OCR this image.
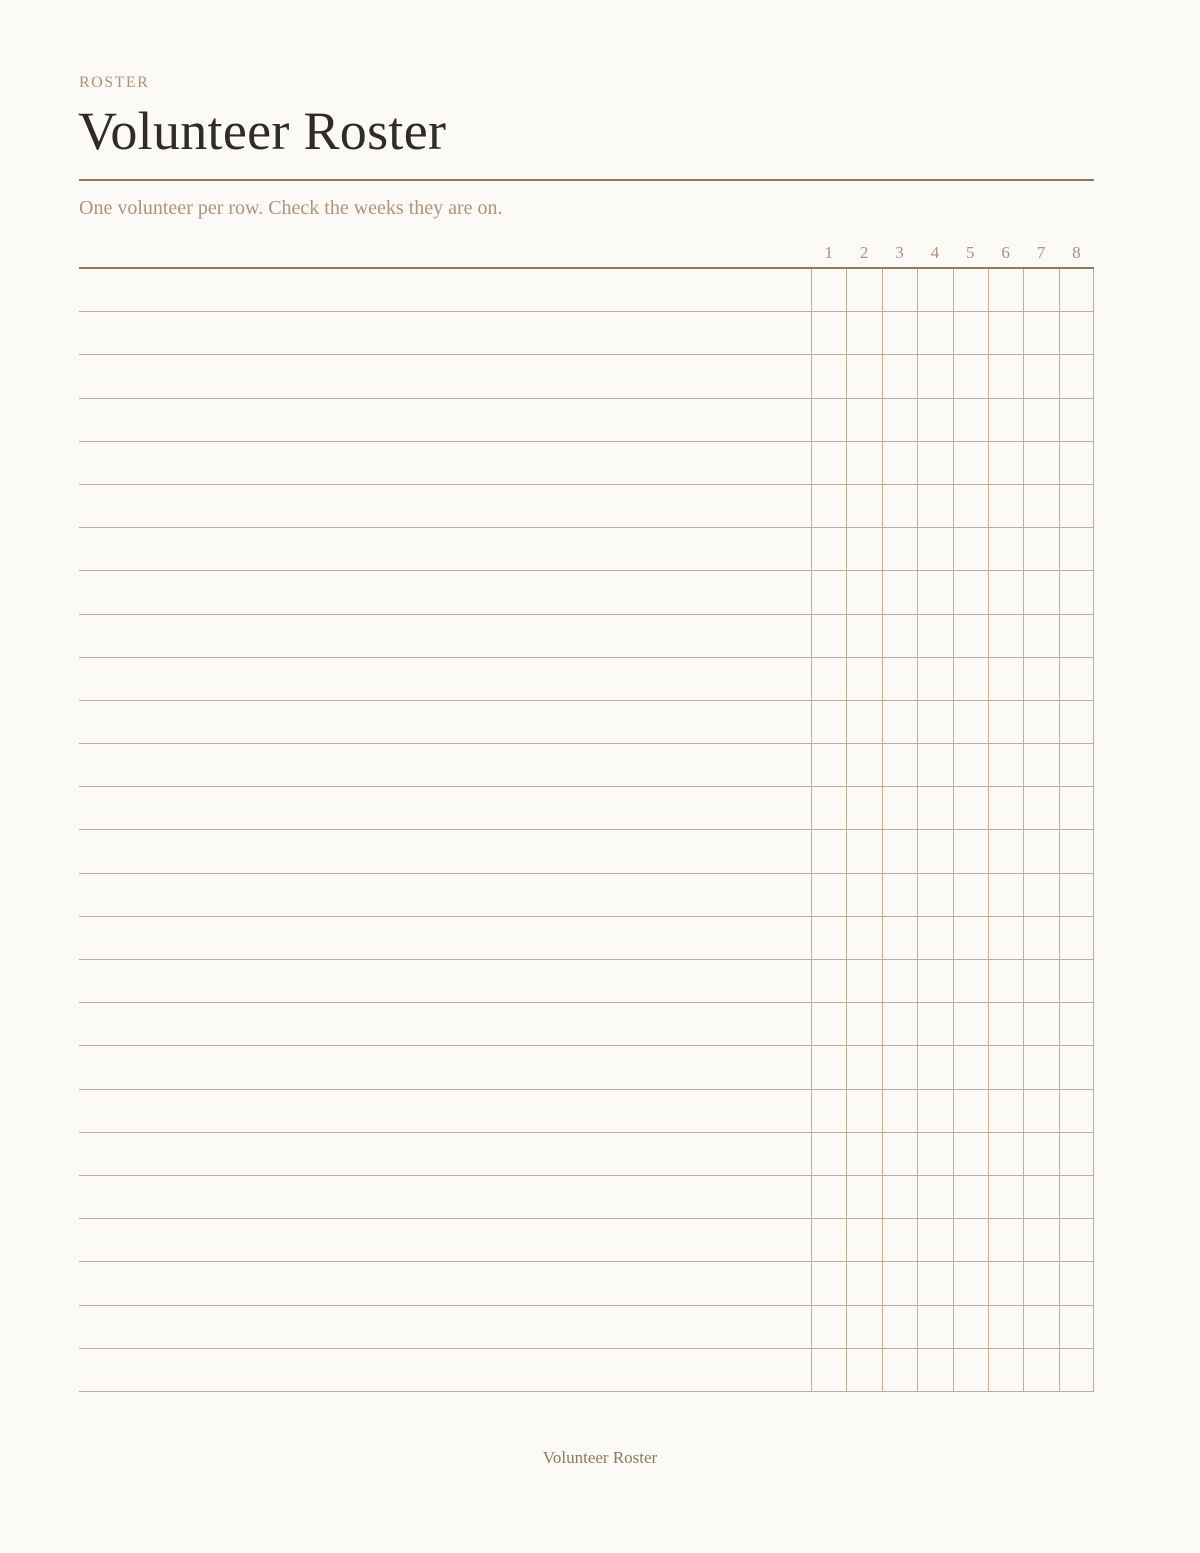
ROSTER
Volunteer Roster

One volunteer per row. Check the weeks they are on.

1	2	3	4	5	6	7	8
Volunteer Roster
